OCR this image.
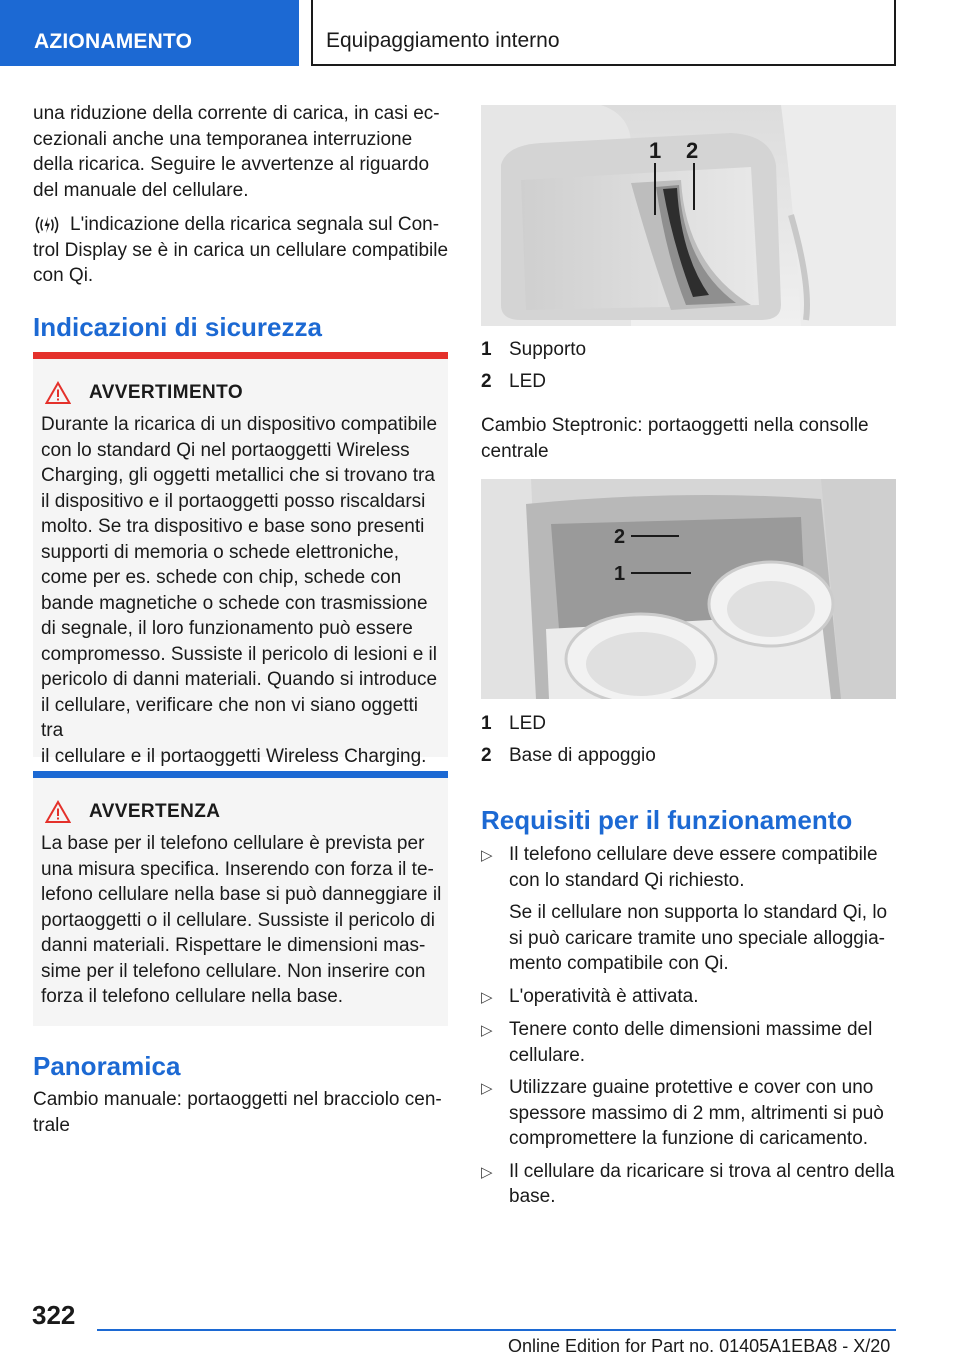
AZIONAMENTO	Equipaggiamento interno
una riduzione della corrente di carica, in casi ec-
cezionali anche una temporanea interruzione
della ricarica. Seguire le avvertenze al riguardo
del manuale del cellulare.
L'indicazione della ricarica segnala sul Con-
trol Display se è in carica un cellulare compatibile
con Qi.
Indicazioni di sicurezza
AVVERTIMENTO
Durante la ricarica di un dispositivo compatibile
con lo standard Qi nel portaoggetti Wireless
Charging, gli oggetti metallici che si trovano tra
il dispositivo e il portaoggetti posso riscaldarsi
molto. Se tra dispositivo e base sono presenti
supporti di memoria o schede elettroniche,
come per es. schede con chip, schede con
bande magnetiche o schede con trasmissione
di segnale, il loro funzionamento può essere
compromesso. Sussiste il pericolo di lesioni e il
pericolo di danni materiali. Quando si introduce
il cellulare, verificare che non vi siano oggetti tra
il cellulare e il portaoggetti Wireless Charging.
AVVERTENZA
La base per il telefono cellulare è prevista per
una misura specifica. Inserendo con forza il te-
lefono cellulare nella base si può danneggiare il
portaoggetti o il cellulare. Sussiste il pericolo di
danni materiali. Rispettare le dimensioni mas-
sime per il telefono cellulare. Non inserire con
forza il telefono cellulare nella base.
Panoramica
Cambio manuale: portaoggetti nel bracciolo cen-
trale
1 2
1 Supporto
2 LED
Cambio Steptronic: portaoggetti nella consolle
centrale
2
1
1 LED
2 Base di appoggio
Requisiti per il funzionamento
▷ Il telefono cellulare deve essere compatibile
con lo standard Qi richiesto.
Se il cellulare non supporta lo standard Qi, lo
si può caricare tramite uno speciale alloggia-
mento compatibile con Qi.
▷ L'operatività è attivata.
▷ Tenere conto delle dimensioni massime del
cellulare.
▷ Utilizzare guaine protettive e cover con uno
spessore massimo di 2 mm, altrimenti si può
compromettere la funzione di caricamento.
▷ Il cellulare da ricaricare si trova al centro della
base.
322
Online Edition for Part no. 01405A1EBA8 - X/20
